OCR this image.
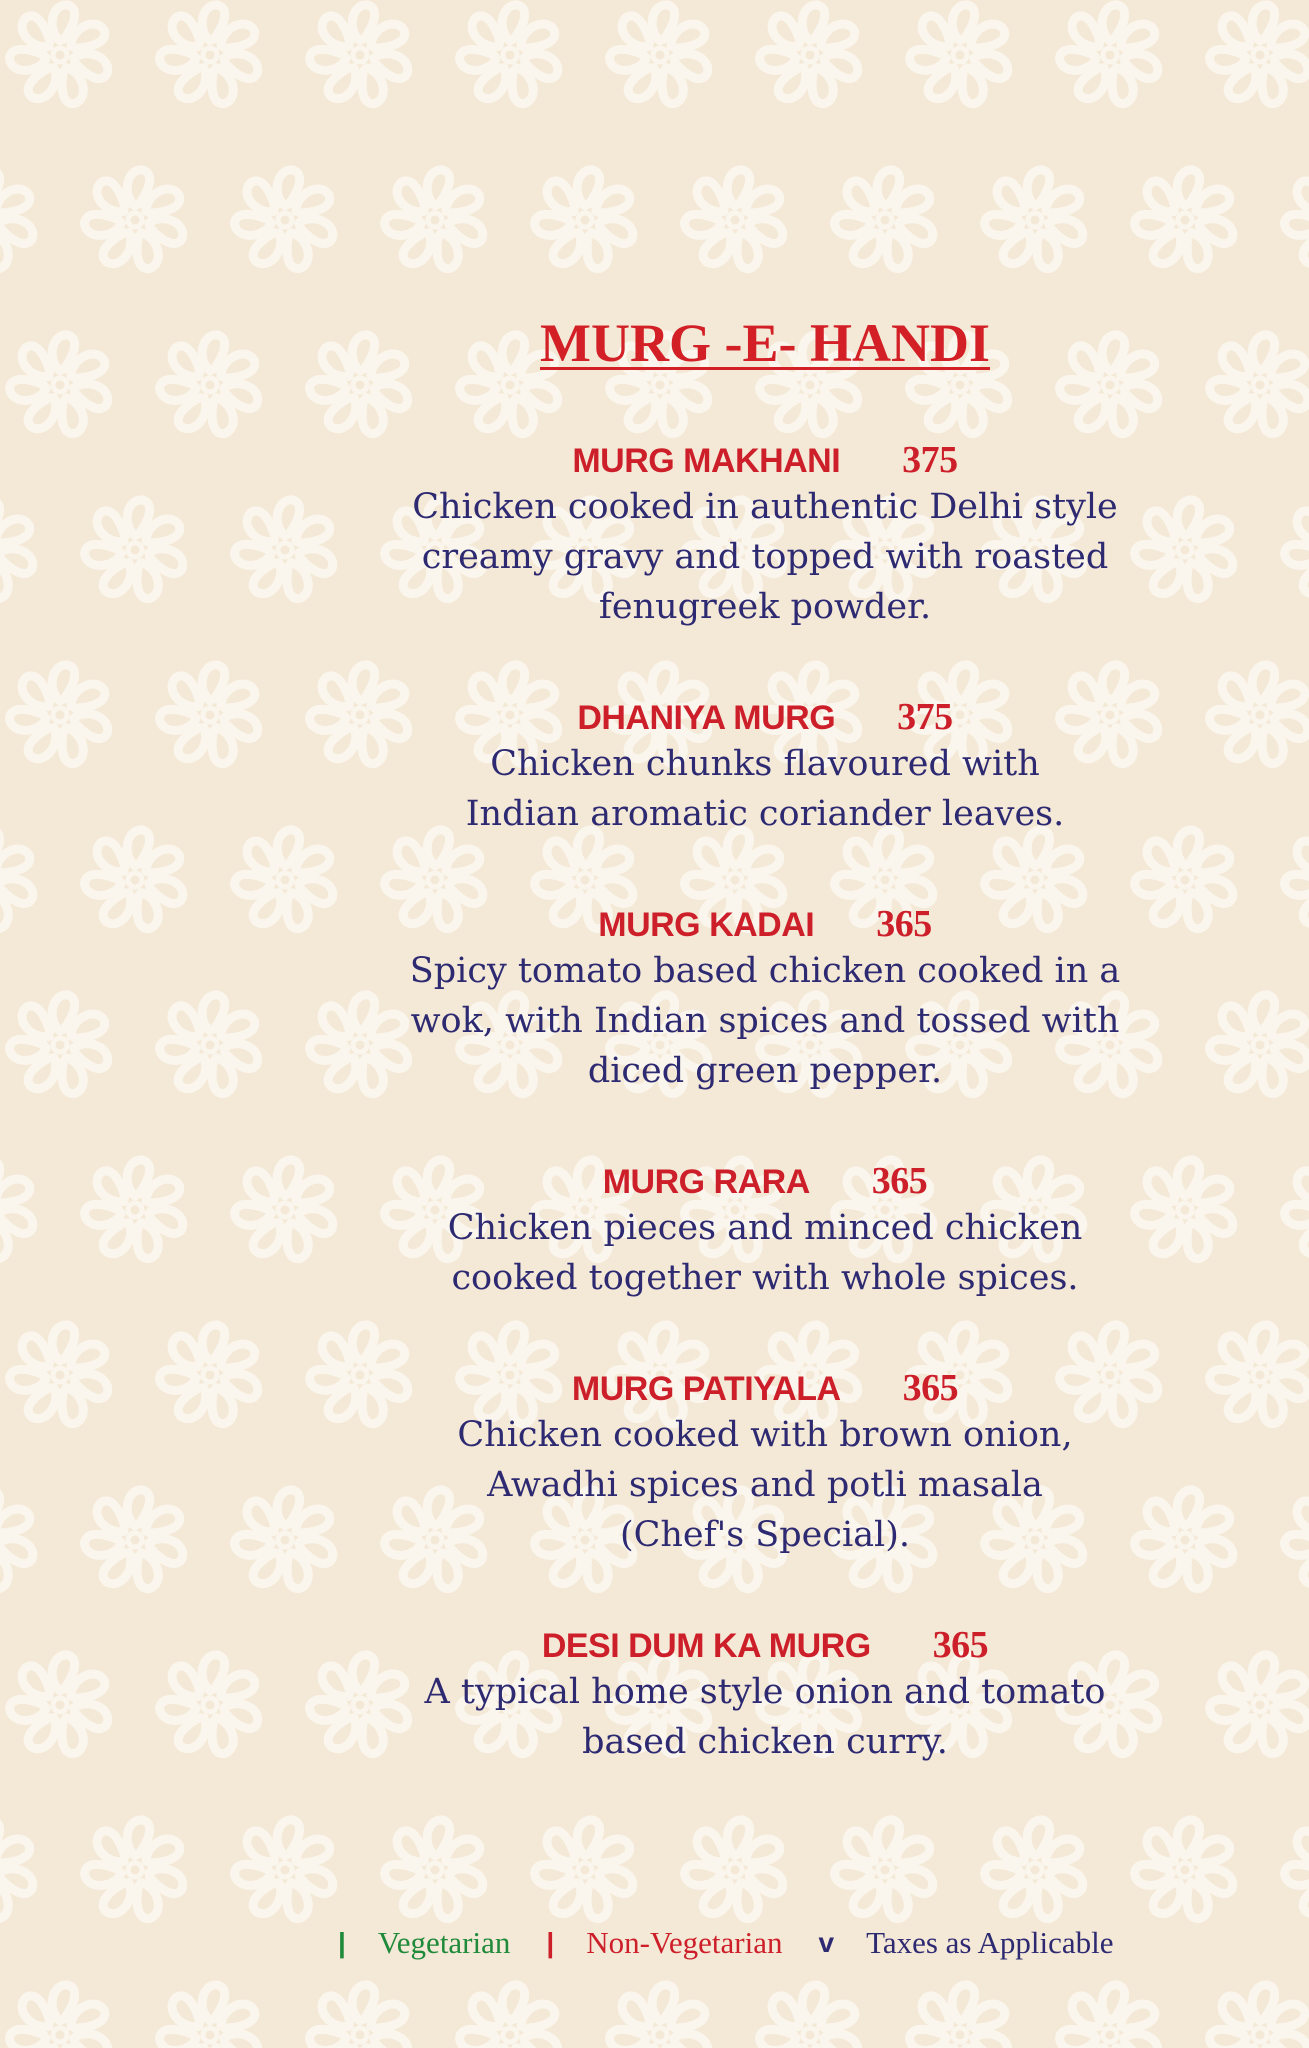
MURG -E- HANDI
MURG MAKHANI 375
Chicken cooked in authentic Delhi style creamy gravy and topped with roasted fenugreek powder.
DHANIYA MURG 375
Chicken chunks flavoured with Indian aromatic coriander leaves.
MURG KADAI 365
Spicy tomato based chicken cooked in a wok, with Indian spices and tossed with diced green pepper.
MURG RARA 365
Chicken pieces and minced chicken cooked together with whole spices.
MURG PATIYALA 365
Chicken cooked with brown onion, Awadhi spices and potli masala (Chef's Special).
DESI DUM KA MURG 365
A typical home style onion and tomato based chicken curry.
| Vegetarian | Non-Vegetarian v Taxes as Applicable
